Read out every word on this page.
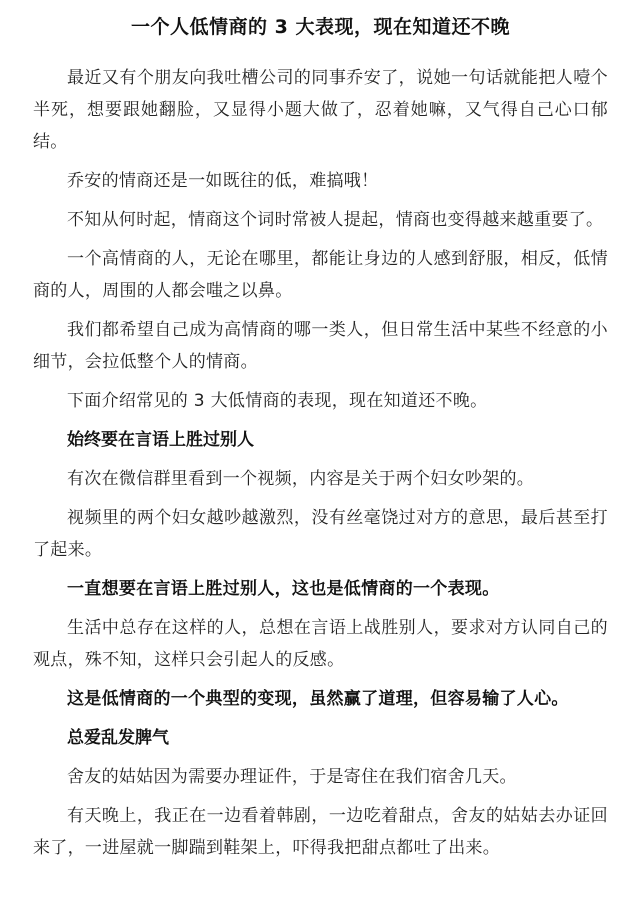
一个人低情商的 3 大表现，现在知道还不晚

最近又有个朋友向我吐槽公司的同事乔安了，说她一句话就能把人噎个半死，想要跟她翻脸，又显得小题大做了，忍着她嘛，又气得自己心口郁结。

乔安的情商还是一如既往的低，难搞哦！

不知从何时起，情商这个词时常被人提起，情商也变得越来越重要了。

一个高情商的人，无论在哪里，都能让身边的人感到舒服，相反，低情商的人，周围的人都会嗤之以鼻。

我们都希望自己成为高情商的哪一类人，但日常生活中某些不经意的小细节，会拉低整个人的情商。

下面介绍常见的 3 大低情商的表现，现在知道还不晚。

始终要在言语上胜过别人

有次在微信群里看到一个视频，内容是关于两个妇女吵架的。

视频里的两个妇女越吵越激烈，没有丝毫饶过对方的意思，最后甚至打了起来。

一直想要在言语上胜过别人，这也是低情商的一个表现。

生活中总存在这样的人，总想在言语上战胜别人，要求对方认同自己的观点，殊不知，这样只会引起人的反感。

这是低情商的一个典型的变现，虽然赢了道理，但容易输了人心。

总爱乱发脾气

舍友的姑姑因为需要办理证件，于是寄住在我们宿舍几天。

有天晚上，我正在一边看着韩剧，一边吃着甜点，舍友的姑姑去办证回来了，一进屋就一脚踹到鞋架上，吓得我把甜点都吐了出来。
